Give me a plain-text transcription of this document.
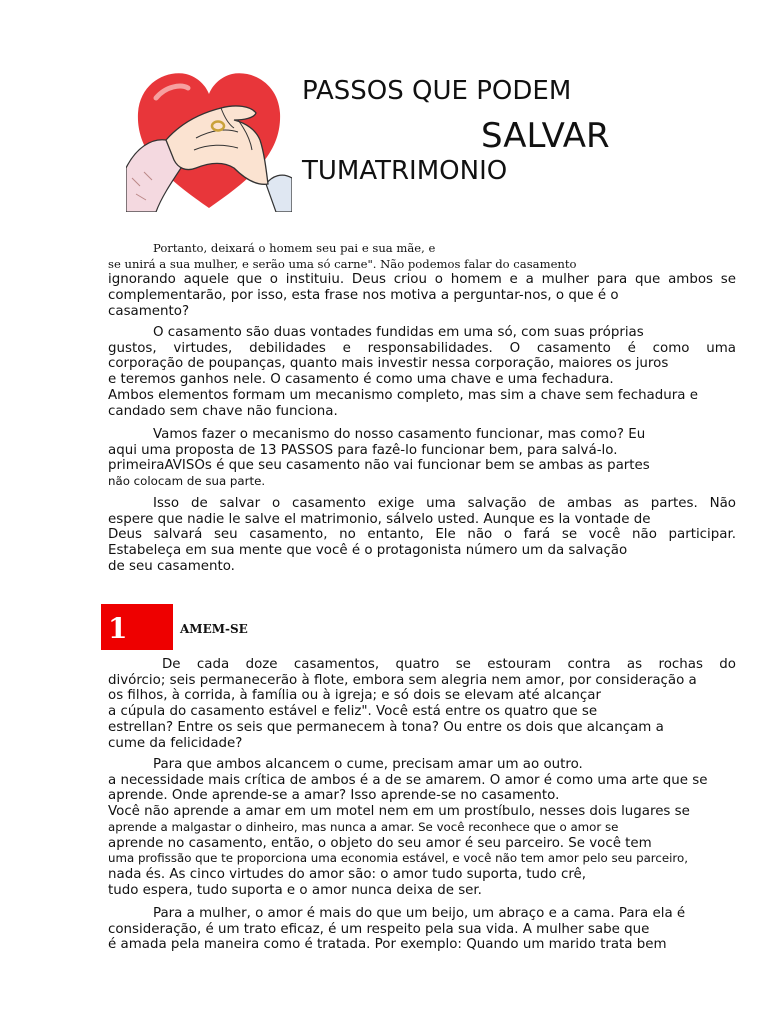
PASSOS QUE PODEM
SALVAR
TUMATRIMONIO
Portanto, deixará o homem seu pai e sua mãe, e
se unirá a sua mulher, e serão uma só carne". Não podemos falar do casamento
ignorando aquele que o instituiu. Deus criou o homem e a mulher para que ambos se
complementarão, por isso, esta frase nos motiva a perguntar-nos, o que é o
casamento?
O casamento são duas vontades fundidas em uma só, com suas próprias
gustos, virtudes, debilidades e responsabilidades. O casamento é como uma
corporação de poupanças, quanto mais investir nessa corporação, maiores os juros
e teremos ganhos nele. O casamento é como uma chave e uma fechadura.
Ambos elementos formam um mecanismo completo, mas sim a chave sem fechadura e
candado sem chave não funciona.
Vamos fazer o mecanismo do nosso casamento funcionar, mas como? Eu
aqui uma proposta de 13 PASSOS para fazê-lo funcionar bem, para salvá-lo.
primeiraAVISOs é que seu casamento não vai funcionar bem se ambas as partes
não colocam de sua parte.
Isso de salvar o casamento exige uma salvação de ambas as partes. Não
espere que nadie le salve el matrimonio, sálvelo usted. Aunque es la vontade de
Deus salvará seu casamento, no entanto, Ele não o fará se você não participar.
Estabeleça em sua mente que você é o protagonista número um da salvação
de seu casamento.
1	AMEM-SE
De cada doze casamentos, quatro se estouram contra as rochas do
divórcio; seis permanecerão à flote, embora sem alegria nem amor, por consideração a
os filhos, à corrida, à família ou à igreja; e só dois se elevam até alcançar
a cúpula do casamento estável e feliz". Você está entre os quatro que se
estrellan? Entre os seis que permanecem à tona? Ou entre os dois que alcançam a
cume da felicidade?
Para que ambos alcancem o cume, precisam amar um ao outro.
a necessidade mais crítica de ambos é a de se amarem. O amor é como uma arte que se
aprende. Onde aprende-se a amar? Isso aprende-se no casamento.
Você não aprende a amar em um motel nem em um prostíbulo, nesses dois lugares se
aprende a malgastar o dinheiro, mas nunca a amar. Se você reconhece que o amor se
aprende no casamento, então, o objeto do seu amor é seu parceiro. Se você tem
uma profissão que te proporciona uma economia estável, e você não tem amor pelo seu parceiro,
nada és. As cinco virtudes do amor são: o amor tudo suporta, tudo crê,
tudo espera, tudo suporta e o amor nunca deixa de ser.
Para a mulher, o amor é mais do que um beijo, um abraço e a cama. Para ela é
consideração, é um trato eficaz, é um respeito pela sua vida. A mulher sabe que
é amada pela maneira como é tratada. Por exemplo: Quando um marido trata bem
